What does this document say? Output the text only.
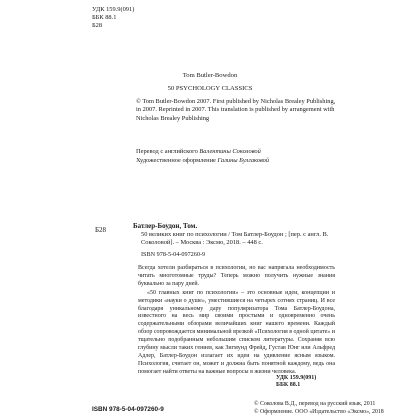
УДК 159.9(091)
ББК 88.1
Б28
Tom Butler-Bowdon
50 PSYCHOLOGY CLASSICS
© Tom Butler-Bowdon 2007. First published by Nicholas Brealey Publishing, in 2007. Reprinted in 2007. This translation is published by arrangement with Nicholas Brealey Publishing
Перевод с английского Валентины Соколовой
Художественное оформление Галины Булгаковой
Б28	Батлер-Боудон, Том.
50 великих книг по психологии / Том Батлер-Боудон ; [пер. с англ. В. Соколовой]. – Москва : Эксмо, 2018. – 448 с.
ISBN 978-5-04-097260-9

Всегда хотели разбираться в психологии, но вас напрягала необходимость читать многотомные труды? Теперь можно получить нужные знания буквально за пару дней.

«50 главных книг по психологии» – это основные идеи, концепции и методики «науки о душе», уместившиеся на четырех сотнях страниц. И все благодаря уникальному дару популяризатора Тома Батлер-Боудона, известного на весь мир своими простыми и одновременно очень содержательными обзорами величайших книг нашего времени. Каждый обзор сопровождается минимальной врезкой «Психология в одной цитате» и тщательно подобранным небольшим списком литературы. Сохраняя всю глубину мысли таких гениев, как Зигмунд Фрейд, Густав Юнг или Альфред Адлер, Батлер-Боудон излагает их идеи на удивление ясным языком. Психология, считает он, может и должна быть понятной каждому, ведь она помогает найти ответы на важные вопросы в жизни человека.

УДК 159.9(091)
ББК 88.1
ISBN 978-5-04-097260-9
© Соколова В.Д., перевод на русский язык, 2011
© Оформление. ООО «Издательство «Эксмо», 2018
